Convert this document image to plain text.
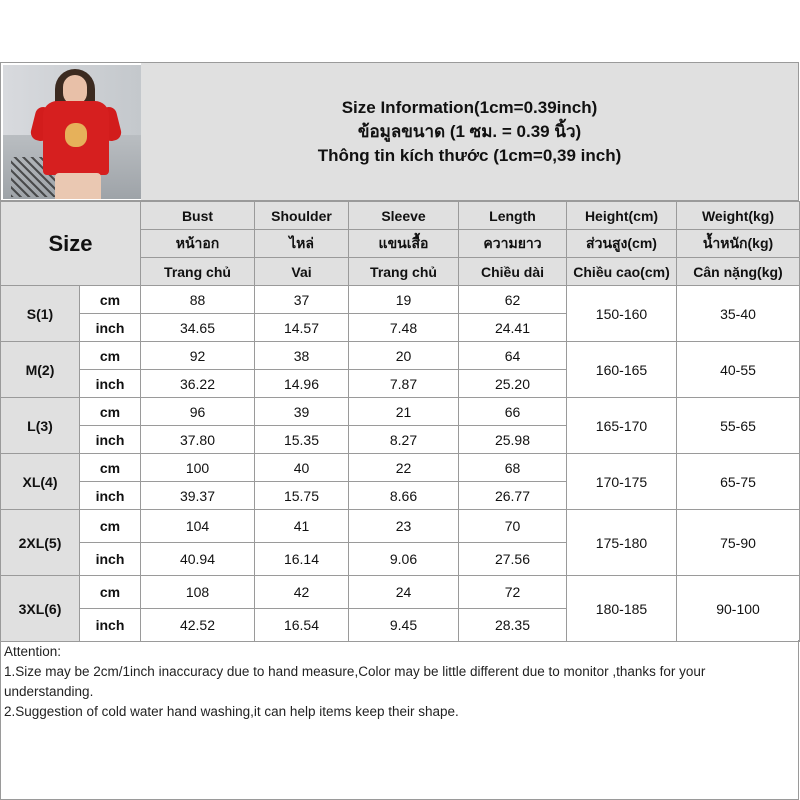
Size Information(1cm=0.39inch)
ข้อมูลขนาด (1 ซม. = 0.39 นิ้ว)
Thông tin kích thước (1cm=0,39 inch)
Size		Bust	Shoulder	Sleeve	Length	Height(cm)	Weight(kg)
		หน้าอก	ไหล่	แขนเสื้อ	ความยาว	ส่วนสูง(cm)	น้ำหนัก(kg)
		Trang chủ	Vai	Trang chủ	Chiều dài	Chiều cao(cm)	Cân nặng(kg)
S(1)	cm	88	37	19	62	150-160	35-40
	inch	34.65	14.57	7.48	24.41		
M(2)	cm	92	38	20	64	160-165	40-55
	inch	36.22	14.96	7.87	25.20		
L(3)	cm	96	39	21	66	165-170	55-65
	inch	37.80	15.35	8.27	25.98		
XL(4)	cm	100	40	22	68	170-175	65-75
	inch	39.37	15.75	8.66	26.77		
2XL(5)	cm	104	41	23	70	175-180	75-90
	inch	40.94	16.14	9.06	27.56		
3XL(6)	cm	108	42	24	72	180-185	90-100
	inch	42.52	16.54	9.45	28.35		
Attention:
1.Size may be 2cm/1inch inaccuracy due to hand measure,Color may be little different due to monitor ,thanks for your understanding.
2.Suggestion of cold water hand washing,it can help items keep their shape.
